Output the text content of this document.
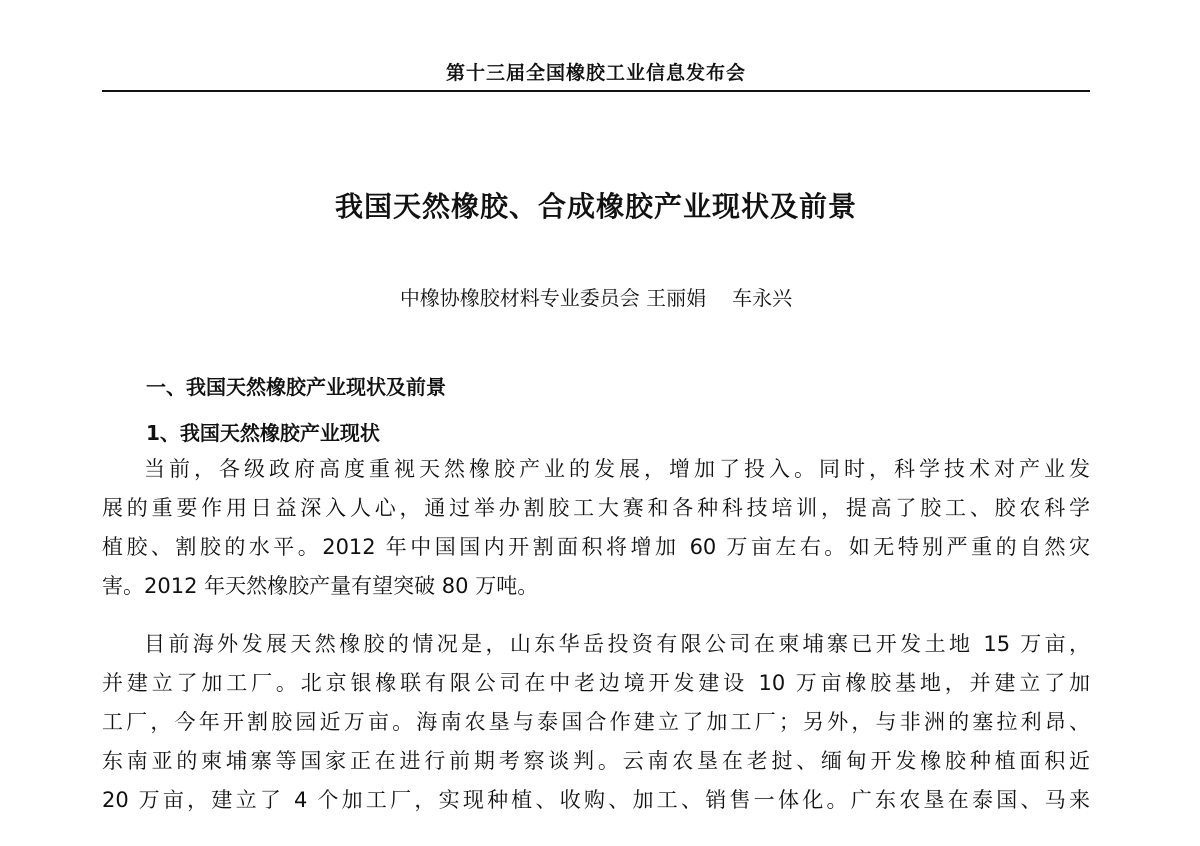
第十三届全国橡胶工业信息发布会
我国天然橡胶、合成橡胶产业现状及前景
中橡协橡胶材料专业委员会 王丽娟 车永兴
一、我国天然橡胶产业现状及前景
1、我国天然橡胶产业现状
当前，各级政府高度重视天然橡胶产业的发展，增加了投入。同时，科学技术对产业发
展的重要作用日益深入人心，通过举办割胶工大赛和各种科技培训，提高了胶工、胶农科学
植胶、割胶的水平。2012 年中国国内开割面积将增加 60 万亩左右。如无特别严重的自然灾
害。2012 年天然橡胶产量有望突破 80 万吨。
目前海外发展天然橡胶的情况是，山东华岳投资有限公司在柬埔寨已开发土地 15 万亩，
并建立了加工厂。北京银橡联有限公司在中老边境开发建设 10 万亩橡胶基地，并建立了加
工厂，今年开割胶园近万亩。海南农垦与泰国合作建立了加工厂；另外，与非洲的塞拉利昂、
东南亚的柬埔寨等国家正在进行前期考察谈判。云南农垦在老挝、缅甸开发橡胶种植面积近
20 万亩，建立了 4 个加工厂，实现种植、收购、加工、销售一体化。广东农垦在泰国、马来
